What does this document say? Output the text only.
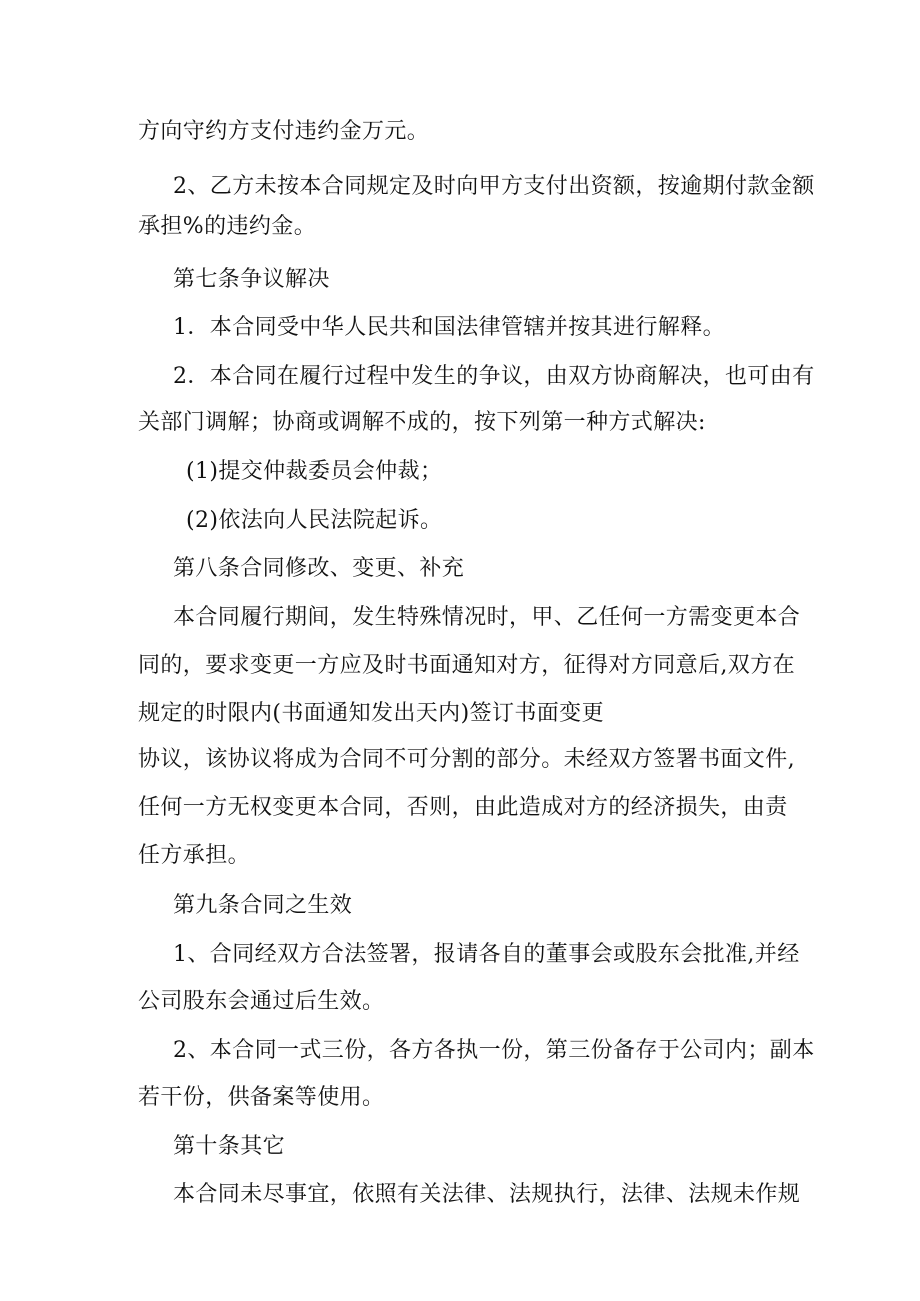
方向守约方支付违约金万元。
2、乙方未按本合同规定及时向甲方支付出资额，按逾期付款金额
承担%的违约金。
第七条争议解决
1．本合同受中华人民共和国法律管辖并按其进行解释。
2．本合同在履行过程中发生的争议，由双方协商解决，也可由有
关部门调解；协商或调解不成的，按下列第一种方式解决:
(1)提交仲裁委员会仲裁；
(2)依法向人民法院起诉。
第八条合同修改、变更、补充
本合同履行期间，发生特殊情况时，甲、乙任何一方需变更本合
同的，要求变更一方应及时书面通知对方，征得对方同意后,双方在
规定的时限内(书面通知发出天内)签订书面变更
协议，该协议将成为合同不可分割的部分。未经双方签署书面文件,
任何一方无权变更本合同，否则，由此造成对方的经济损失，由责
任方承担。
第九条合同之生效
1、合同经双方合法签署，报请各自的董事会或股东会批准,并经
公司股东会通过后生效。
2、本合同一式三份，各方各执一份，第三份备存于公司内；副本
若干份，供备案等使用。
第十条其它
本合同未尽事宜，依照有关法律、法规执行，法律、法规未作规
